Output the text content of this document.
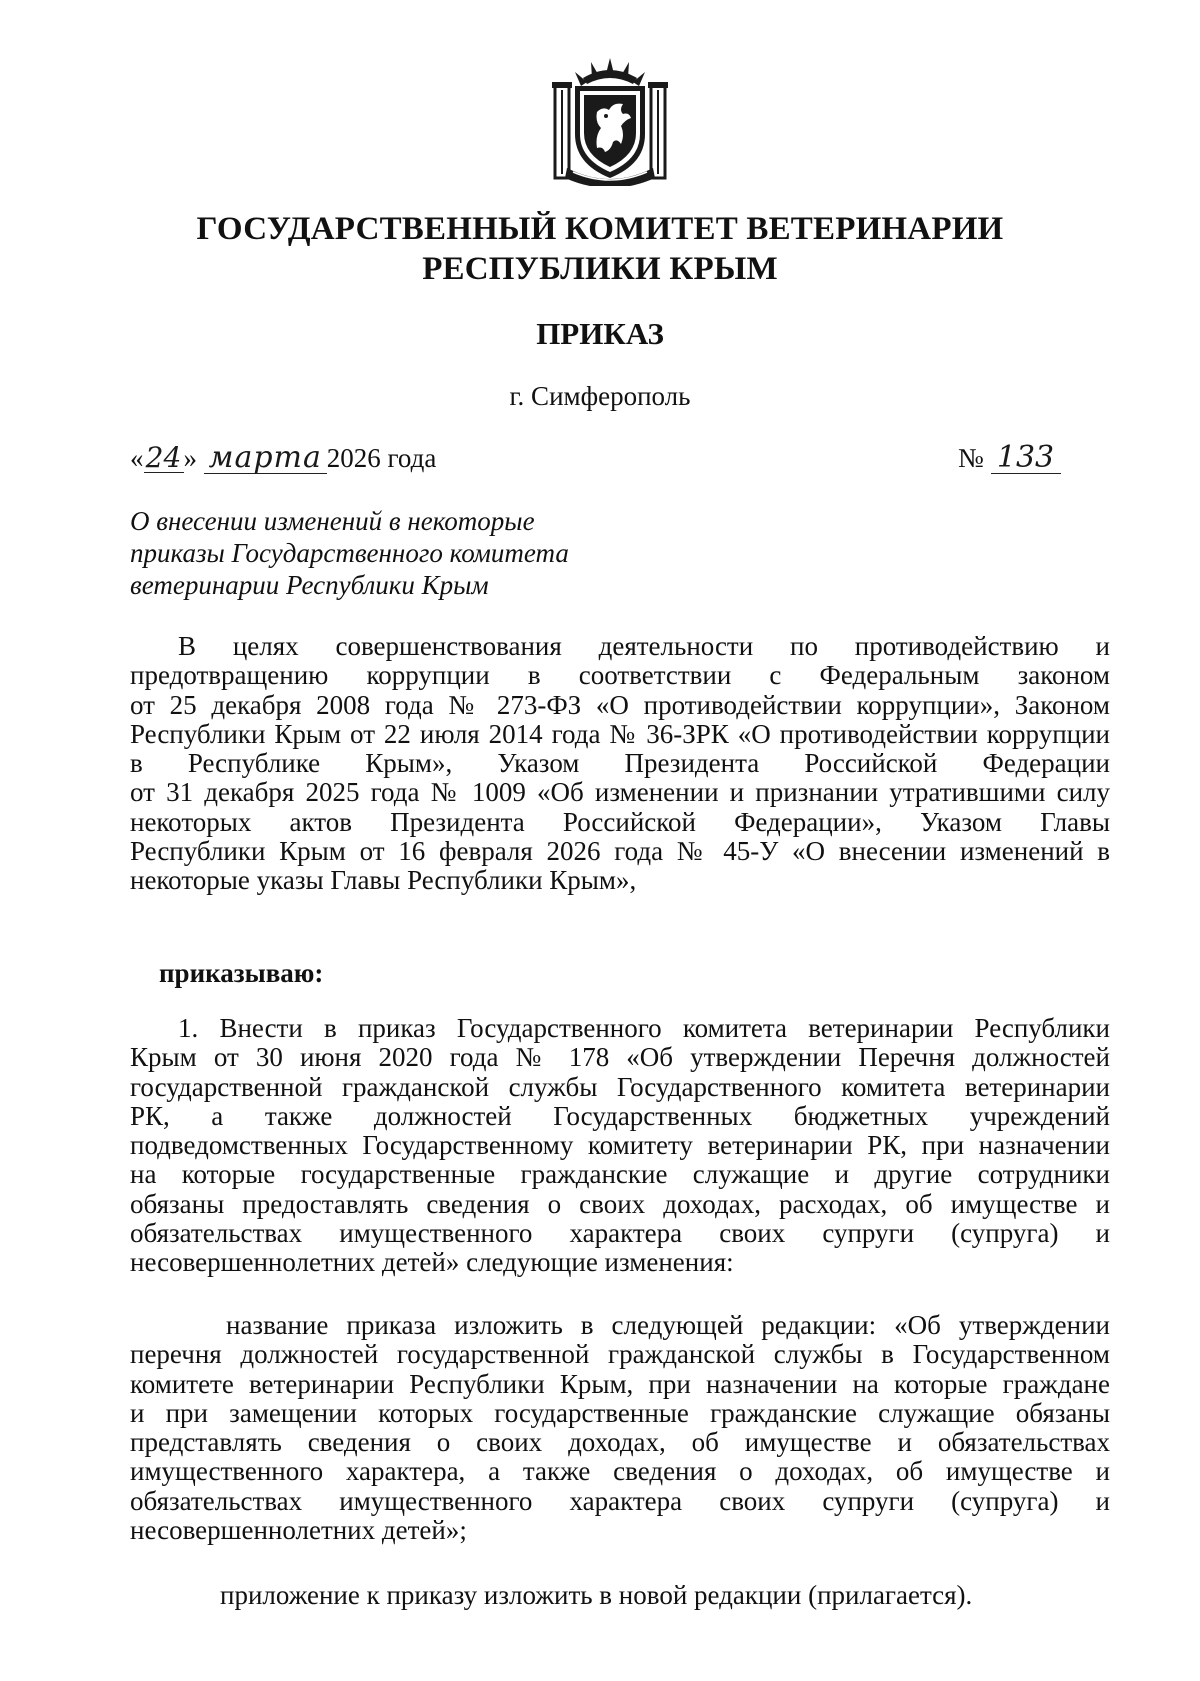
ГОСУДАРСТВЕННЫЙ КОМИТЕТ ВЕТЕРИНАРИИ
РЕСПУБЛИКИ КРЫМ
ПРИКАЗ
г. Симферополь
«24» марта 2026 года	№ 133
О внесении изменений в некоторые
приказы Государственного комитета
ветеринарии Республики Крым
В целях совершенствования деятельности по противодействию и
предотвращению коррупции в соответствии с Федеральным законом
от 25 декабря 2008 года № 273-ФЗ «О противодействии коррупции», Законом
Республики Крым от 22 июля 2014 года № 36-ЗРК «О противодействии коррупции
в Республике Крым», Указом Президента Российской Федерации
от 31 декабря 2025 года № 1009 «Об изменении и признании утратившими силу
некоторых актов Президента Российской Федерации», Указом Главы
Республики Крым от 16 февраля 2026 года № 45-У «О внесении изменений в
некоторые указы Главы Республики Крым»,
приказываю:
1. Внести в приказ Государственного комитета ветеринарии Республики
Крым от 30 июня 2020 года № 178 «Об утверждении Перечня должностей
государственной гражданской службы Государственного комитета ветеринарии
РК, а также должностей Государственных бюджетных учреждений
подведомственных Государственному комитету ветеринарии РК, при назначении
на которые государственные гражданские служащие и другие сотрудники
обязаны предоставлять сведения о своих доходах, расходах, об имуществе и
обязательствах имущественного характера своих супруги (супруга) и
несовершеннолетних детей» следующие изменения:
название приказа изложить в следующей редакции: «Об утверждении
перечня должностей государственной гражданской службы в Государственном
комитете ветеринарии Республики Крым, при назначении на которые граждане
и при замещении которых государственные гражданские служащие обязаны
представлять сведения о своих доходах, об имуществе и обязательствах
имущественного характера, а также сведения о доходах, об имуществе и
обязательствах имущественного характера своих супруги (супруга) и
несовершеннолетних детей»;
приложение к приказу изложить в новой редакции (прилагается).
